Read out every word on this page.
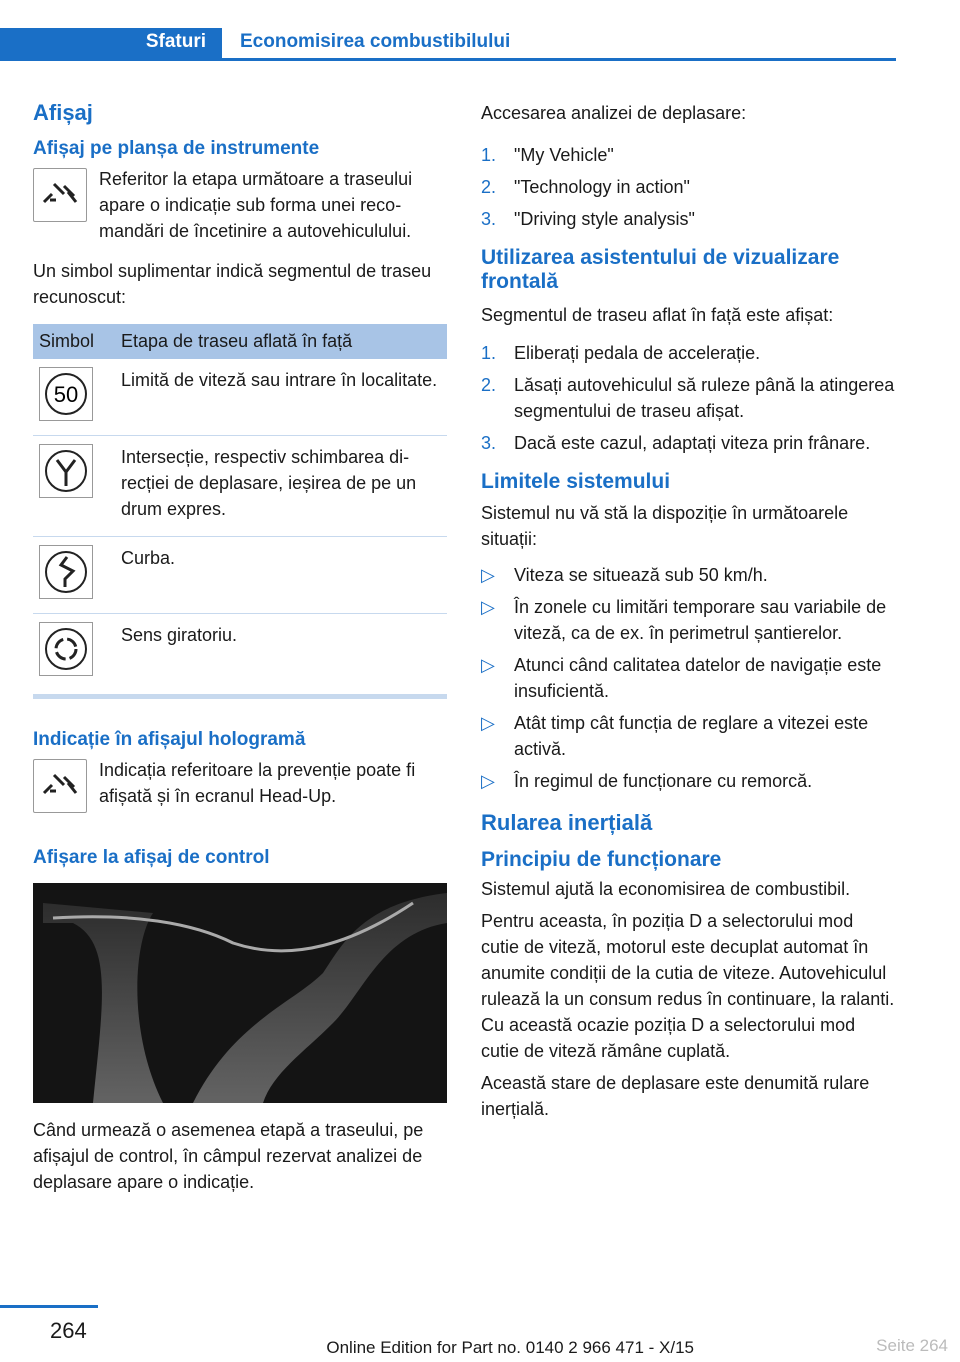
Sfaturi	Economisirea combustibilului
Afișaj
Afișaj pe planșa de instrumente

Referitor la etapa următoare a traseului apare o indicație sub forma unei recomandări de încetinire a autovehiculului.

Un simbol suplimentar indică segmentul de traseu recunoscut:

Simbol	Etapa de traseu aflată în față

50	Limită de viteză sau intrare în localitate.

	Intersecție, respectiv schimbarea direcției de deplasare, ieșirea de pe un drum expres.

	Curba.

	Sens giratoriu.
Indicație în afișajul hologramă

Indicația referitoare la prevenție poate fi afișată și în ecranul Head-Up.

Afișare la afișaj de control

Când urmează o asemenea etapă a traseului, pe afișajul de control, în câmpul rezervat analizei de deplasare apare o indicație.

Accesarea analizei de deplasare:

1. "My Vehicle"
2. "Technology in action"
3. "Driving style analysis"
Utilizarea asistentului de vizualizare frontală

Segmentul de traseu aflat în față este afișat:

1. Eliberați pedala de accelerație.
2. Lăsați autovehiculul să ruleze până la atingerea segmentului de traseu afișat.
3. Dacă este cazul, adaptați viteza prin frânare.
Limitele sistemului

Sistemul nu vă stă la dispoziție în următoarele situații:

▷	Viteza se situează sub 50 km/h.
▷	În zonele cu limitări temporare sau variabile de viteză, ca de ex. în perimetrul șantierelor.
▷	Atunci când calitatea datelor de navigație este insuficientă.
▷	Atât timp cât funcția de reglare a vitezei este activă.
▷	În regimul de funcționare cu remorcă.
Rularea inerțială
Principiu de funcționare

Sistemul ajută la economisirea de combustibil.

Pentru aceasta, în poziția D a selectorului mod cutie de viteză, motorul este decuplat automat în anumite condiții de la cutia de viteze. Autovehiculul rulează la un consum redus în continuare, la ralanti. Cu această ocazie poziția D a selectorului mod cutie de viteză rămâne cuplată.

Această stare de deplasare este denumită rulare inerțială.

264
Online Edition for Part no. 0140 2 966 471 - X/15	Seite 264
